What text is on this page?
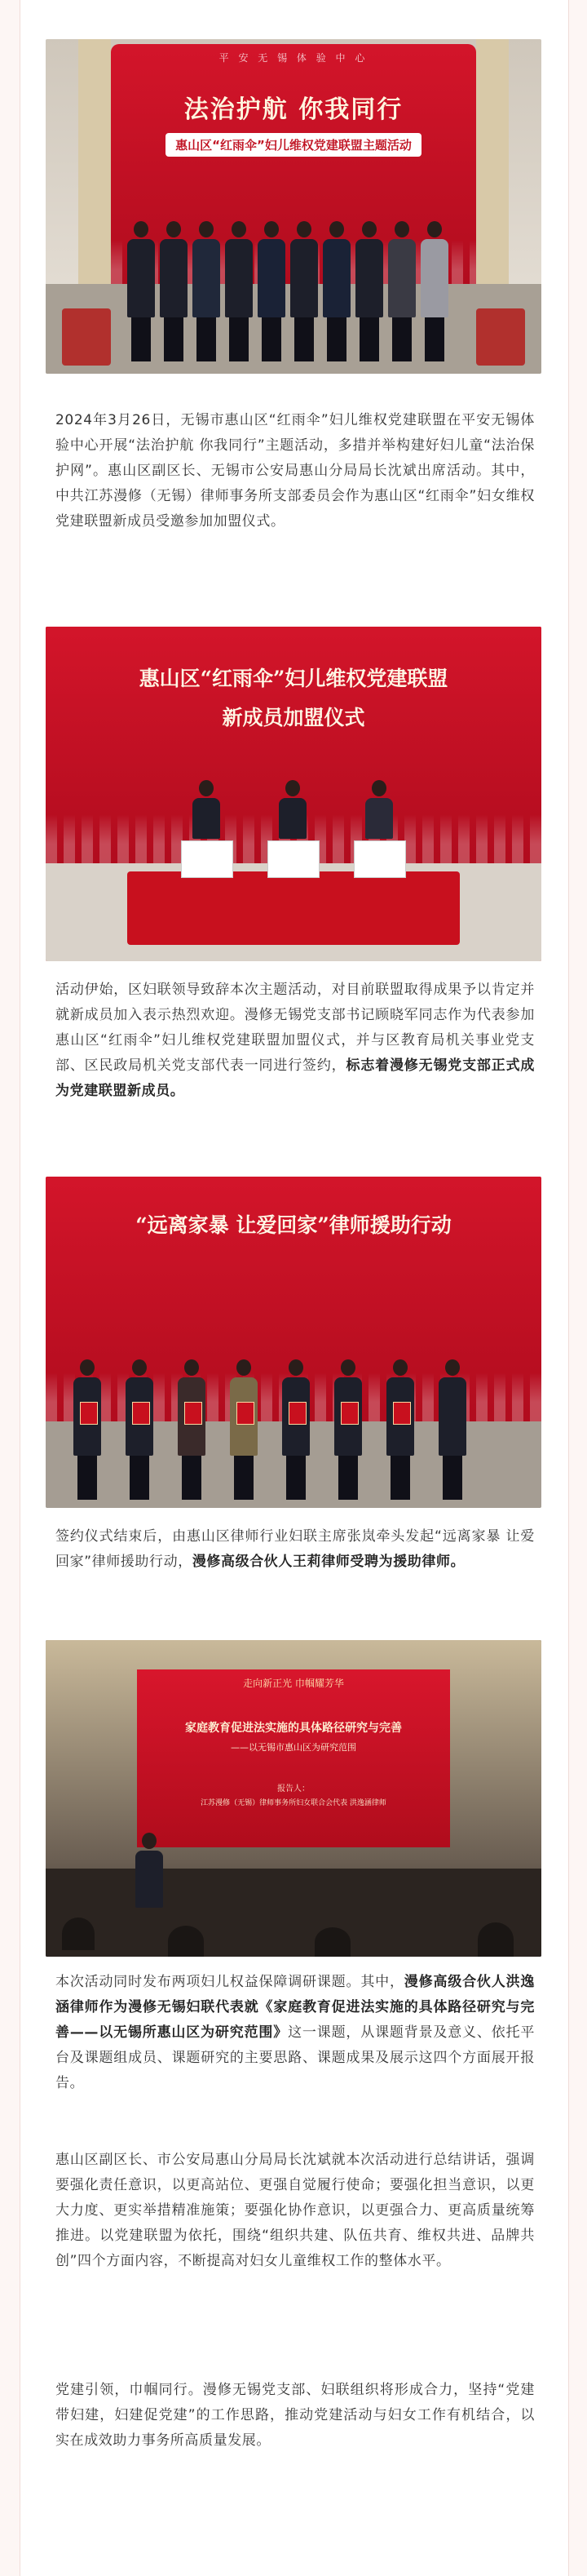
平 安 无 锡 体 验 中 心
法治护航 你我同行
惠山区“红雨伞”妇儿维权党建联盟主题活动

2024年3月26日，无锡市惠山区“红雨伞”妇儿维权党建联盟在平安无锡体验中心开展“法治护航 你我同行”主题活动，多措并举构建好妇儿童“法治保护网”。惠山区副区长、无锡市公安局惠山分局局长沈斌出席活动。其中，中共江苏漫修（无锡）律师事务所支部委员会作为惠山区“红雨伞”妇女维权党建联盟新成员受邀参加加盟仪式。

惠山区“红雨伞”妇儿维权党建联盟
新成员加盟仪式

活动伊始，区妇联领导致辞本次主题活动，对目前联盟取得成果予以肯定并就新成员加入表示热烈欢迎。漫修无锡党支部书记顾晓军同志作为代表参加惠山区“红雨伞”妇儿维权党建联盟加盟仪式，并与区教育局机关事业党支部、区民政局机关党支部代表一同进行签约，标志着漫修无锡党支部正式成为党建联盟新成员。

“远离家暴 让爱回家”律师援助行动

签约仪式结束后，由惠山区律师行业妇联主席张岚牵头发起“远离家暴 让爱回家”律师援助行动，漫修高级合伙人王莉律师受聘为援助律师。

走向新正光 巾帼耀芳华
家庭教育促进法实施的具体路径研究与完善
——以无锡市惠山区为研究范围
报告人：
江苏漫修（无锡）律师事务所妇女联合会代表 洪逸涵律师

本次活动同时发布两项妇儿权益保障调研课题。其中，漫修高级合伙人洪逸涵律师作为漫修无锡妇联代表就《家庭教育促进法实施的具体路径研究与完善——以无锡所惠山区为研究范围》这一课题，从课题背景及意义、依托平台及课题组成员、课题研究的主要思路、课题成果及展示这四个方面展开报告。

惠山区副区长、市公安局惠山分局局长沈斌就本次活动进行总结讲话，强调要强化责任意识，以更高站位、更强自觉履行使命；要强化担当意识，以更大力度、更实举措精准施策；要强化协作意识，以更强合力、更高质量统筹推进。以党建联盟为依托，围绕“组织共建、队伍共育、维权共进、品牌共创”四个方面内容，不断提高对妇女儿童维权工作的整体水平。

党建引领，巾帼同行。漫修无锡党支部、妇联组织将形成合力，坚持“党建带妇建，妇建促党建”的工作思路，推动党建活动与妇女工作有机结合，以实在成效助力事务所高质量发展。
